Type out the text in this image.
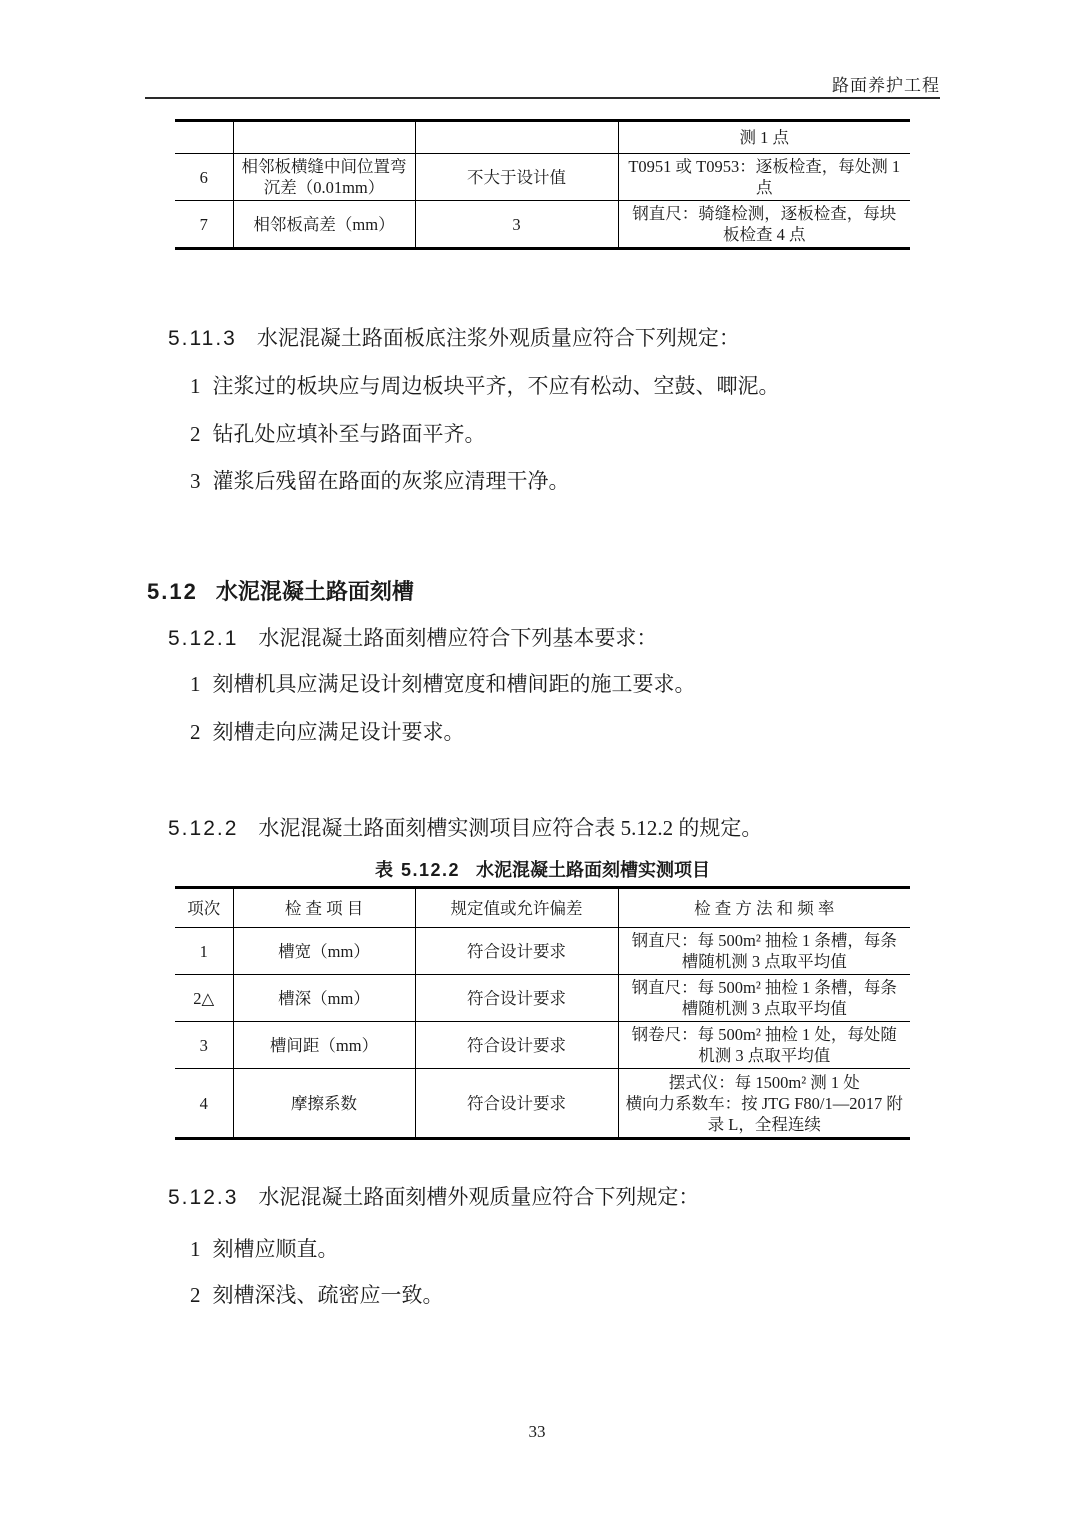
路面养护工程
			测 1 点
6	相邻板横缝中间位置弯沉差（0.01mm）	不大于设计值	T0951 或 T0953：逐板检查，每处测 1 点
7	相邻板高差（mm）	3	钢直尺：骑缝检测，逐板检查，每块板检查 4 点
5.11.3 水泥混凝土路面板底注浆外观质量应符合下列规定：
1 注浆过的板块应与周边板块平齐，不应有松动、空鼓、唧泥。
2 钻孔处应填补至与路面平齐。
3 灌浆后残留在路面的灰浆应清理干净。
5.12 水泥混凝土路面刻槽
5.12.1 水泥混凝土路面刻槽应符合下列基本要求：
1 刻槽机具应满足设计刻槽宽度和槽间距的施工要求。
2 刻槽走向应满足设计要求。
5.12.2 水泥混凝土路面刻槽实测项目应符合表 5.12.2 的规定。
表 5.12.2 水泥混凝土路面刻槽实测项目
项次	检 查 项 目	规定值或允许偏差	检 查 方 法 和 频 率
1	槽宽（mm）	符合设计要求	钢直尺：每 500m² 抽检 1 条槽，每条槽随机测 3 点取平均值

2△	槽深（mm）	符合设计要求	钢直尺：每 500m² 抽检 1 条槽，每条槽随机测 3 点取平均值

3	槽间距（mm）	符合设计要求	钢卷尺：每 500m² 抽检 1 处，每处随机测 3 点取平均值

4	摩擦系数	符合设计要求	摆式仪：每 1500m² 测 1 处
横向力系数车：按 JTG F80/1—2017 附录 L，全程连续
5.12.3 水泥混凝土路面刻槽外观质量应符合下列规定：
1 刻槽应顺直。
2 刻槽深浅、疏密应一致。
33
